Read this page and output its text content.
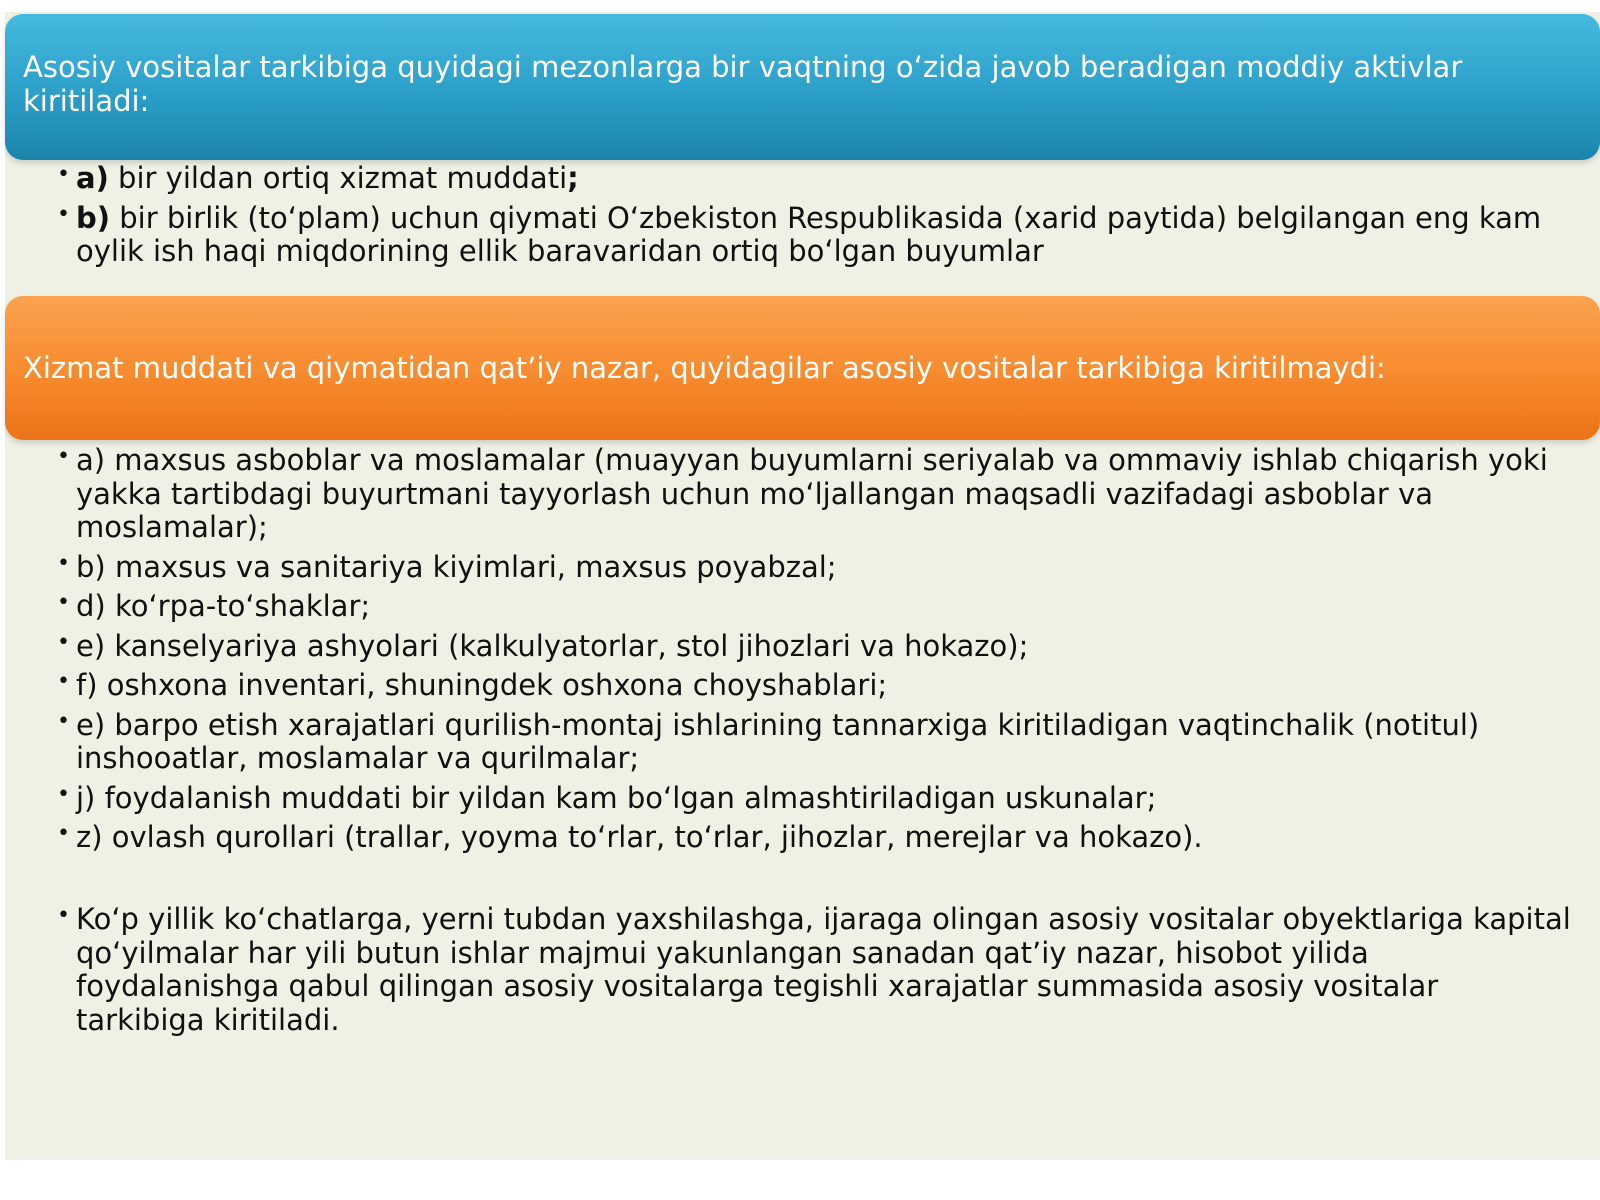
Asosiy vositalar tarkibiga quyidagi mezonlarga bir vaqtning o‘zida javob beradigan moddiy aktivlar kiritiladi:
• a) bir yildan ortiq xizmat muddati;
• b) bir birlik (to‘plam) uchun qiymati O‘zbekiston Respublikasida (xarid paytida) belgilangan eng kam oylik ish haqi miqdorining ellik baravaridan ortiq bo‘lgan buyumlar
Xizmat muddati va qiymatidan qat’iy nazar, quyidagilar asosiy vositalar tarkibiga kiritilmaydi:
• a) maxsus asboblar va moslamalar (muayyan buyumlarni seriyalab va ommaviy ishlab chiqarish yoki yakka tartibdagi buyurtmani tayyorlash uchun mo‘ljallangan maqsadli vazifadagi asboblar va moslamalar);
• b) maxsus va sanitariya kiyimlari, maxsus poyabzal;
• d) ko‘rpa-to‘shaklar;
• e) kanselyariya ashyolari (kalkulyatorlar, stol jihozlari va hokazo);
• f) oshxona inventari, shuningdek oshxona choyshablari;
• e) barpo etish xarajatlari qurilish-montaj ishlarining tannarxiga kiritiladigan vaqtinchalik (notitul) inshooatlar, moslamalar va qurilmalar;
• j) foydalanish muddati bir yildan kam bo‘lgan almashtiriladigan uskunalar;
• z) ovlash qurollari (trallar, yoyma to‘rlar, to‘rlar, jihozlar, merejlar va hokazo).
• Ko‘p yillik ko‘chatlarga, yerni tubdan yaxshilashga, ijaraga olingan asosiy vositalar obyektlariga kapital qo‘yilmalar har yili butun ishlar majmui yakunlangan sanadan qat’iy nazar, hisobot yilida foydalanishga qabul qilingan asosiy vositalarga tegishli xarajatlar summasida asosiy vositalar tarkibiga kiritiladi.
